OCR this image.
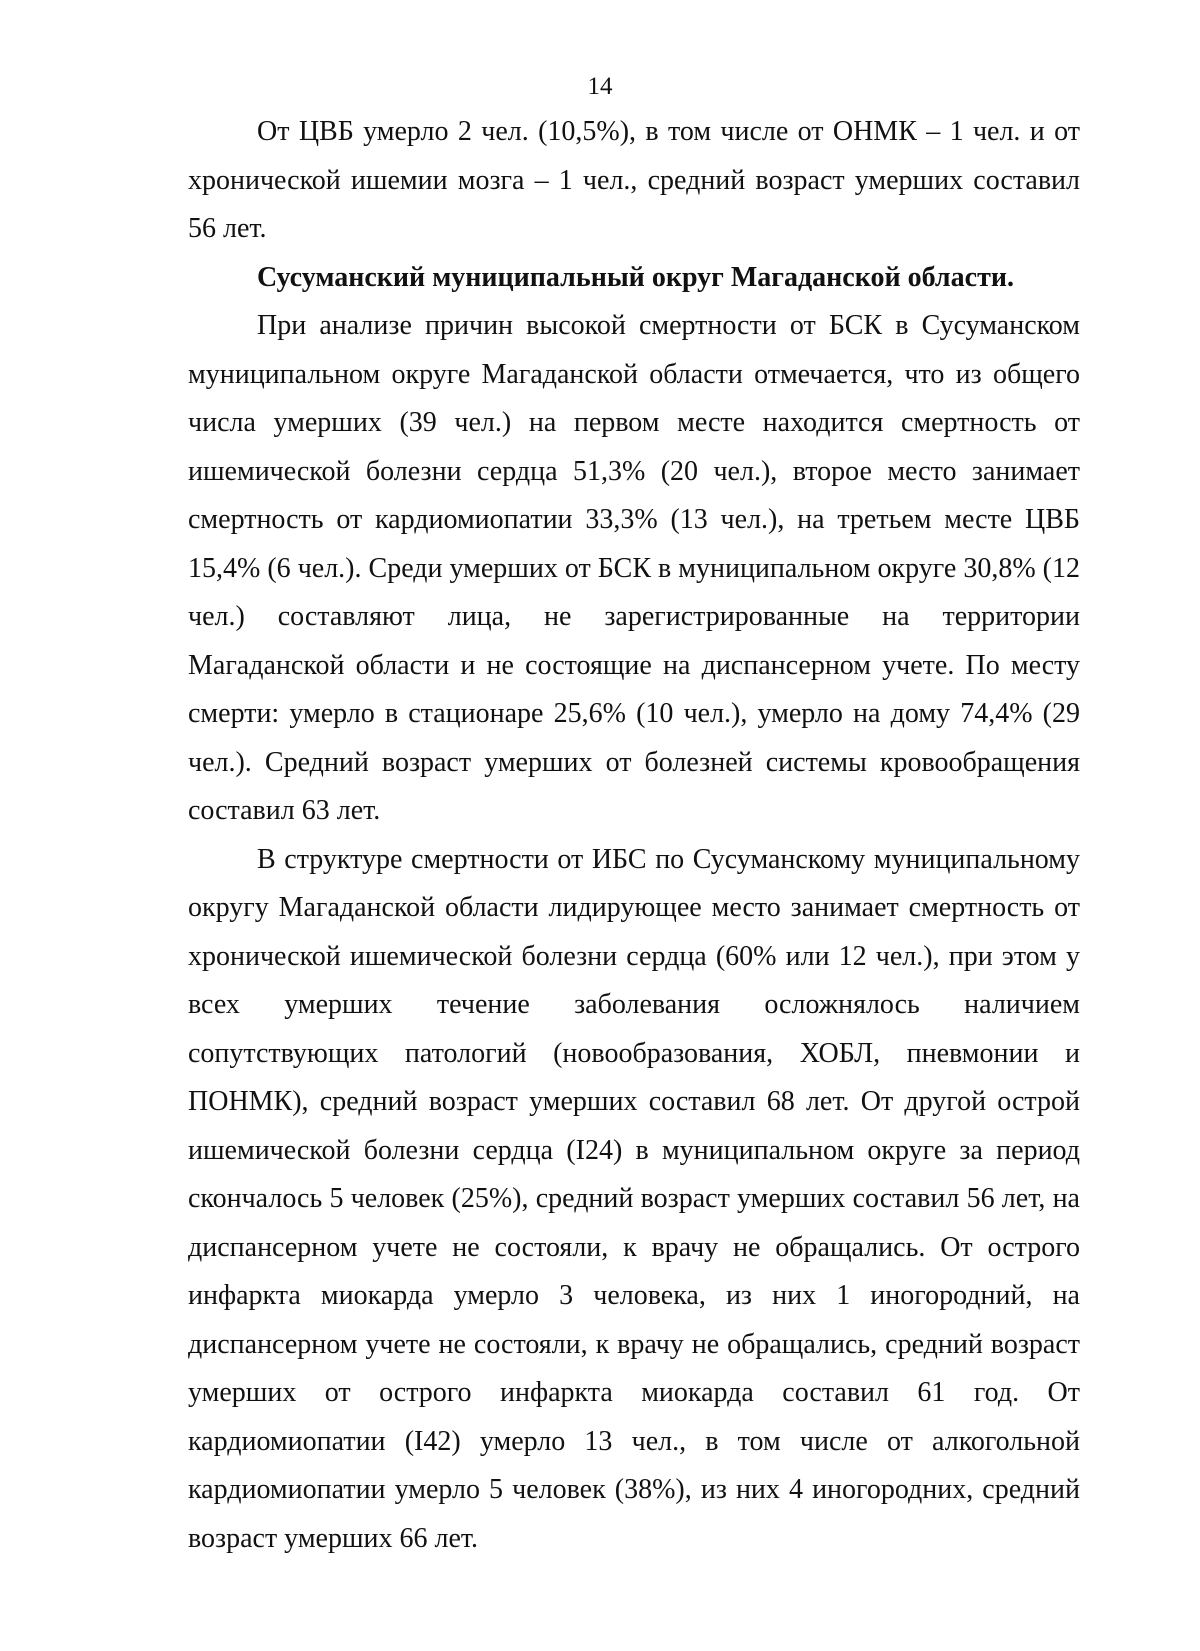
14

От ЦВБ умерло 2 чел. (10,5%), в том числе от ОНМК – 1 чел. и от хронической ишемии мозга – 1 чел., средний возраст умерших составил 56 лет.

Сусуманский муниципальный округ Магаданской области.

При анализе причин высокой смертности от БСК в Сусуманском муниципальном округе Магаданской области отмечается, что из общего числа умерших (39 чел.) на первом месте находится смертность от ишемической болезни сердца 51,3% (20 чел.), второе место занимает смертность от кардиомиопатии 33,3% (13 чел.), на третьем месте ЦВБ 15,4% (6 чел.). Среди умерших от БСК в муниципальном округе 30,8% (12 чел.) составляют лица, не зарегистрированные на территории Магаданской области и не состоящие на диспансерном учете. По месту смерти: умерло в стационаре 25,6% (10 чел.), умерло на дому 74,4% (29 чел.). Средний возраст умерших от болезней системы кровообращения составил 63 лет.

В структуре смертности от ИБС по Сусуманскому муниципальному округу Магаданской области лидирующее место занимает смертность от хронической ишемической болезни сердца (60% или 12 чел.), при этом у всех умерших течение заболевания осложнялось наличием сопутствующих патологий (новообразования, ХОБЛ, пневмонии и ПОНМК), средний возраст умерших составил 68 лет. От другой острой ишемической болезни сердца (I24) в муниципальном округе за период скончалось 5 человек (25%), средний возраст умерших составил 56 лет, на диспансерном учете не состояли, к врачу не обращались. От острого инфаркта миокарда умерло 3 человека, из них 1 иногородний, на диспансерном учете не состояли, к врачу не обращались, средний возраст умерших от острого инфаркта миокарда составил 61 год. От кардиомиопатии (I42) умерло 13 чел., в том числе от алкогольной кардиомиопатии умерло 5 человек (38%), из них 4 иногородних, средний возраст умерших 66 лет.
